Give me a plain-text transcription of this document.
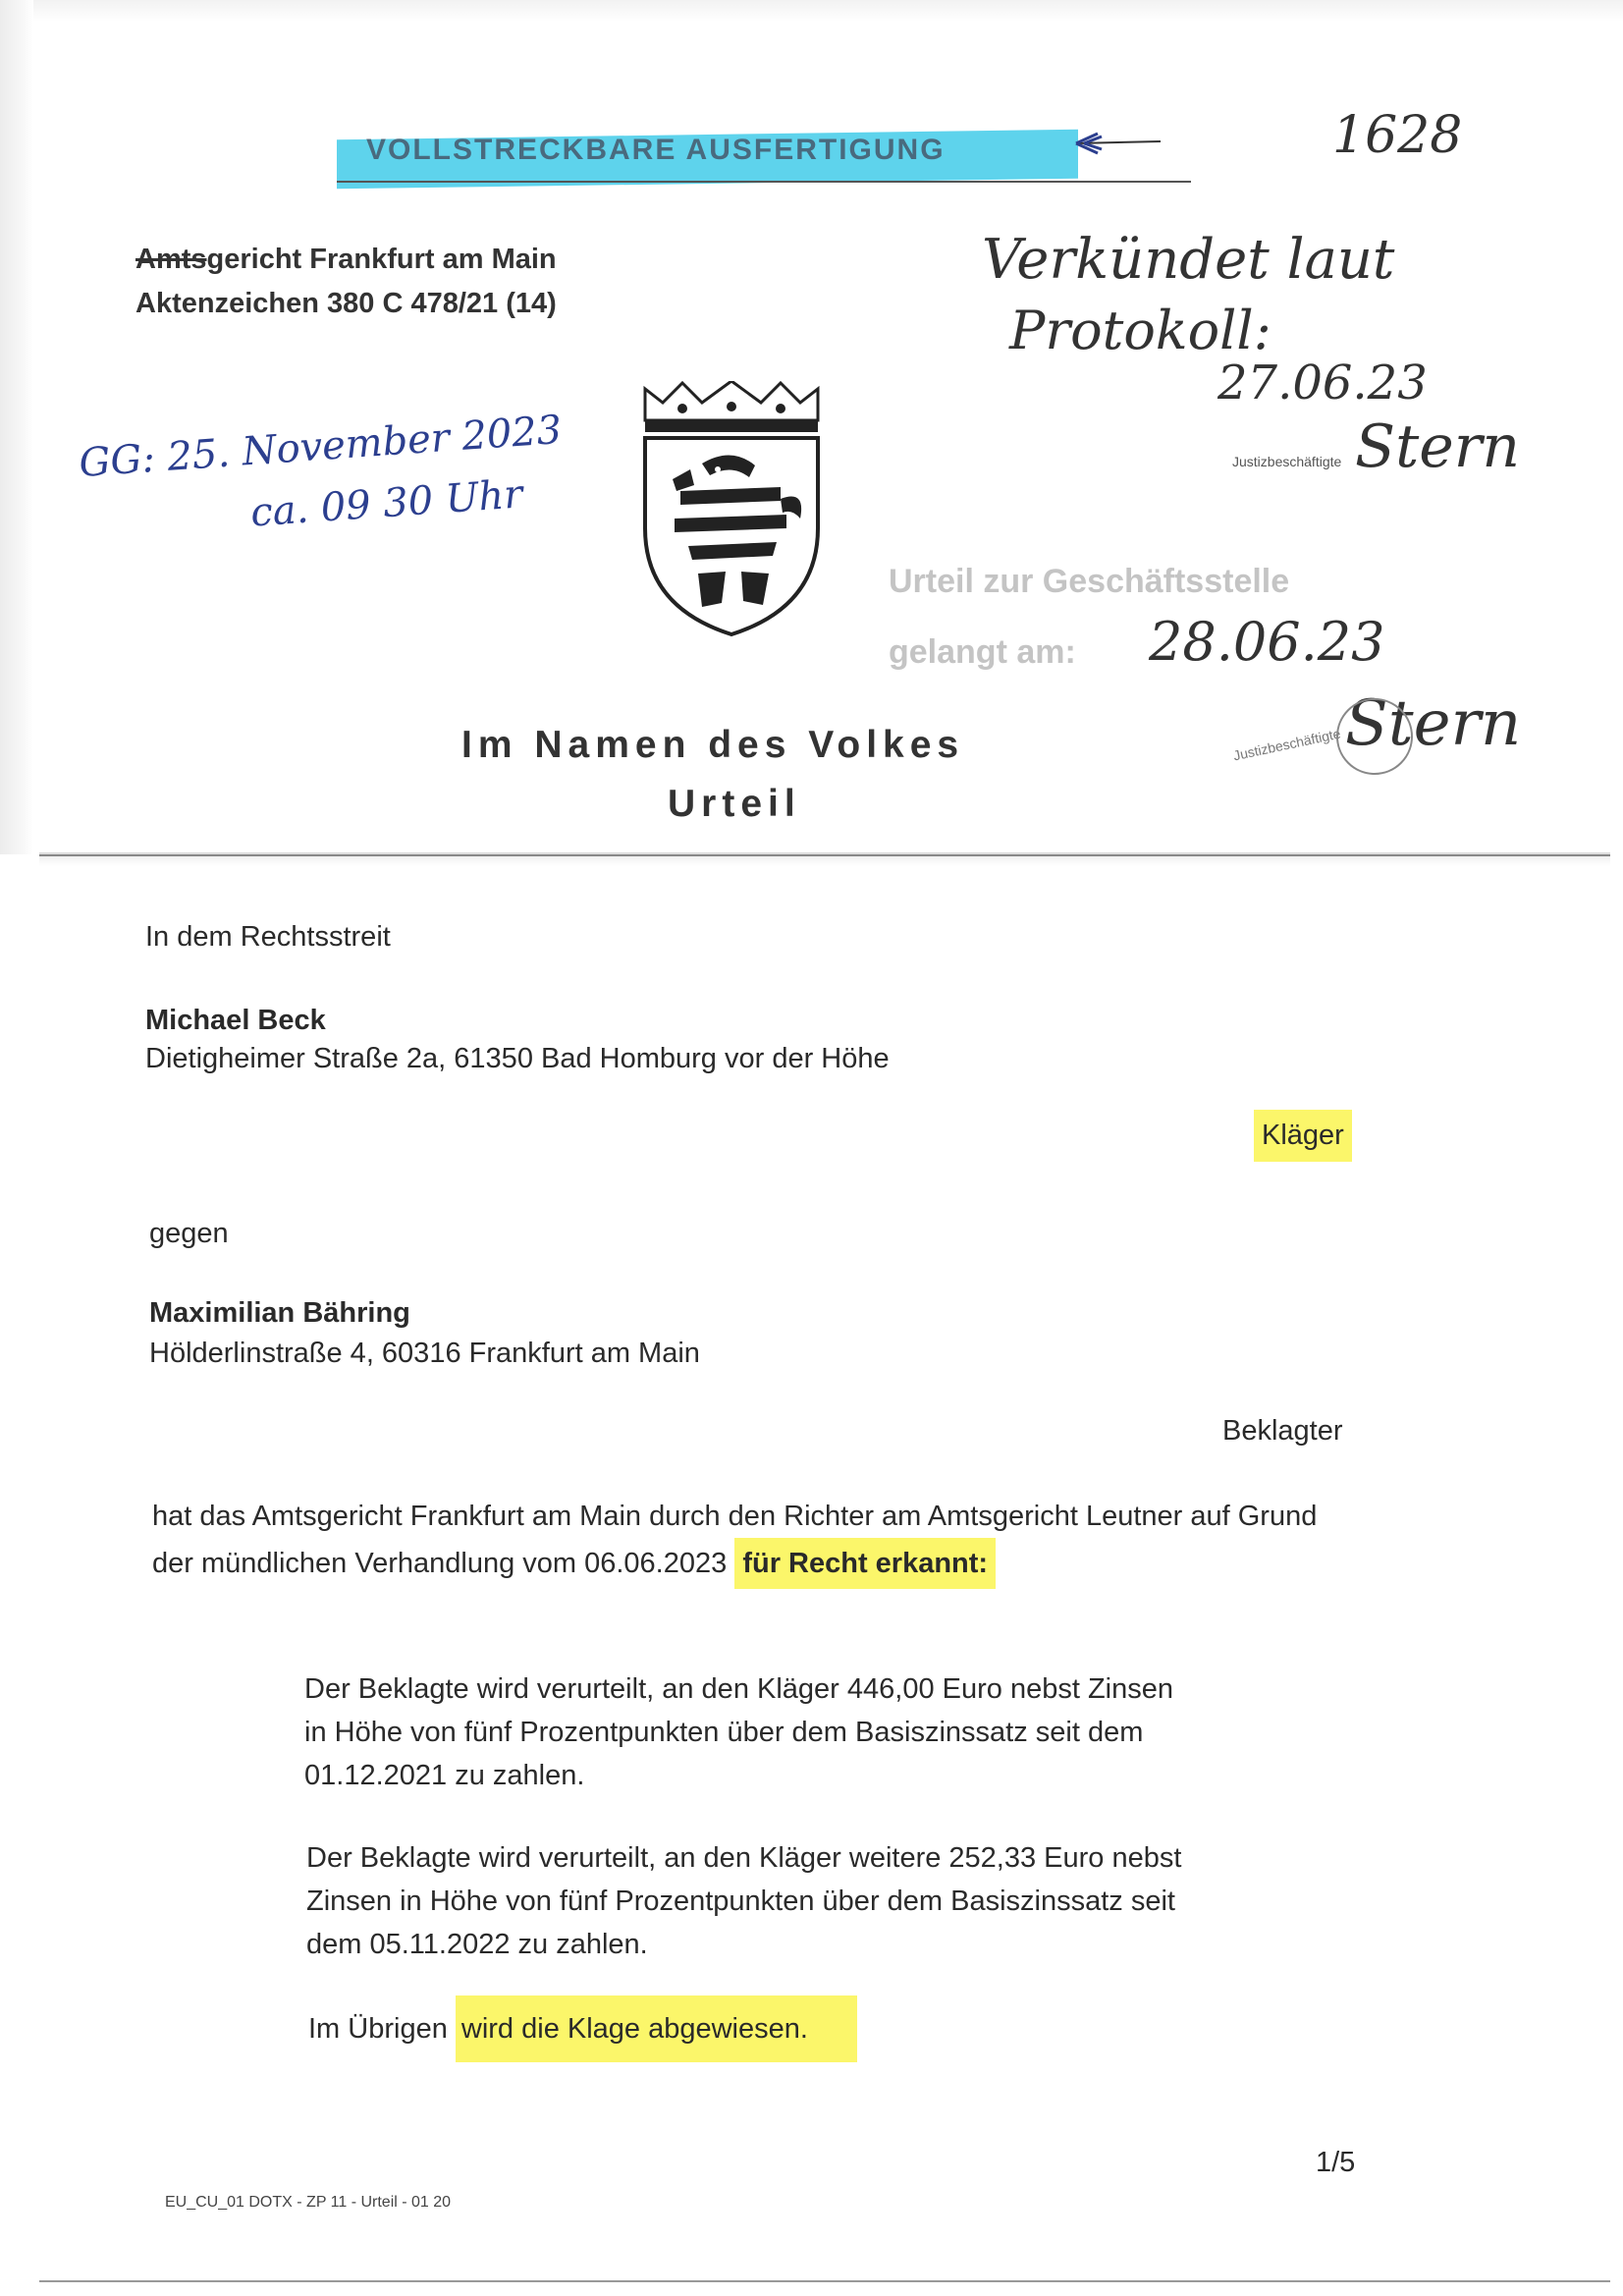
VOLLSTRECKBARE AUSFERTIGUNG	1628
Amtsgericht Frankfurt am Main
Aktenzeichen 380 C 478/21 (14)
Verkündet laut
Protokoll:
27.06.23
Justizbeschäftigte Stern
GG: 25. November 2023
ca. 09 30 Uhr
Urteil zur Geschäftsstelle
gelangt am: 28.06.23
Justizbeschäftigte Stern
Im Namen des Volkes
Urteil
In dem Rechtsstreit
Michael Beck
Dietigheimer Straße 2a, 61350 Bad Homburg vor der Höhe
Kläger
gegen
Maximilian Bähring
Hölderlinstraße 4, 60316 Frankfurt am Main
Beklagter
hat das Amtsgericht Frankfurt am Main durch den Richter am Amtsgericht Leutner auf Grund
der mündlichen Verhandlung vom 06.06.2023 für Recht erkannt:
Der Beklagte wird verurteilt, an den Kläger 446,00 Euro nebst Zinsen
in Höhe von fünf Prozentpunkten über dem Basiszinssatz seit dem
01.12.2021 zu zahlen.
Der Beklagte wird verurteilt, an den Kläger weitere 252,33 Euro nebst
Zinsen in Höhe von fünf Prozentpunkten über dem Basiszinssatz seit
dem 05.11.2022 zu zahlen.
Im Übrigen wird die Klage abgewiesen.
1/5
EU_CU_01 DOTX - ZP 11 - Urteil - 01 20
